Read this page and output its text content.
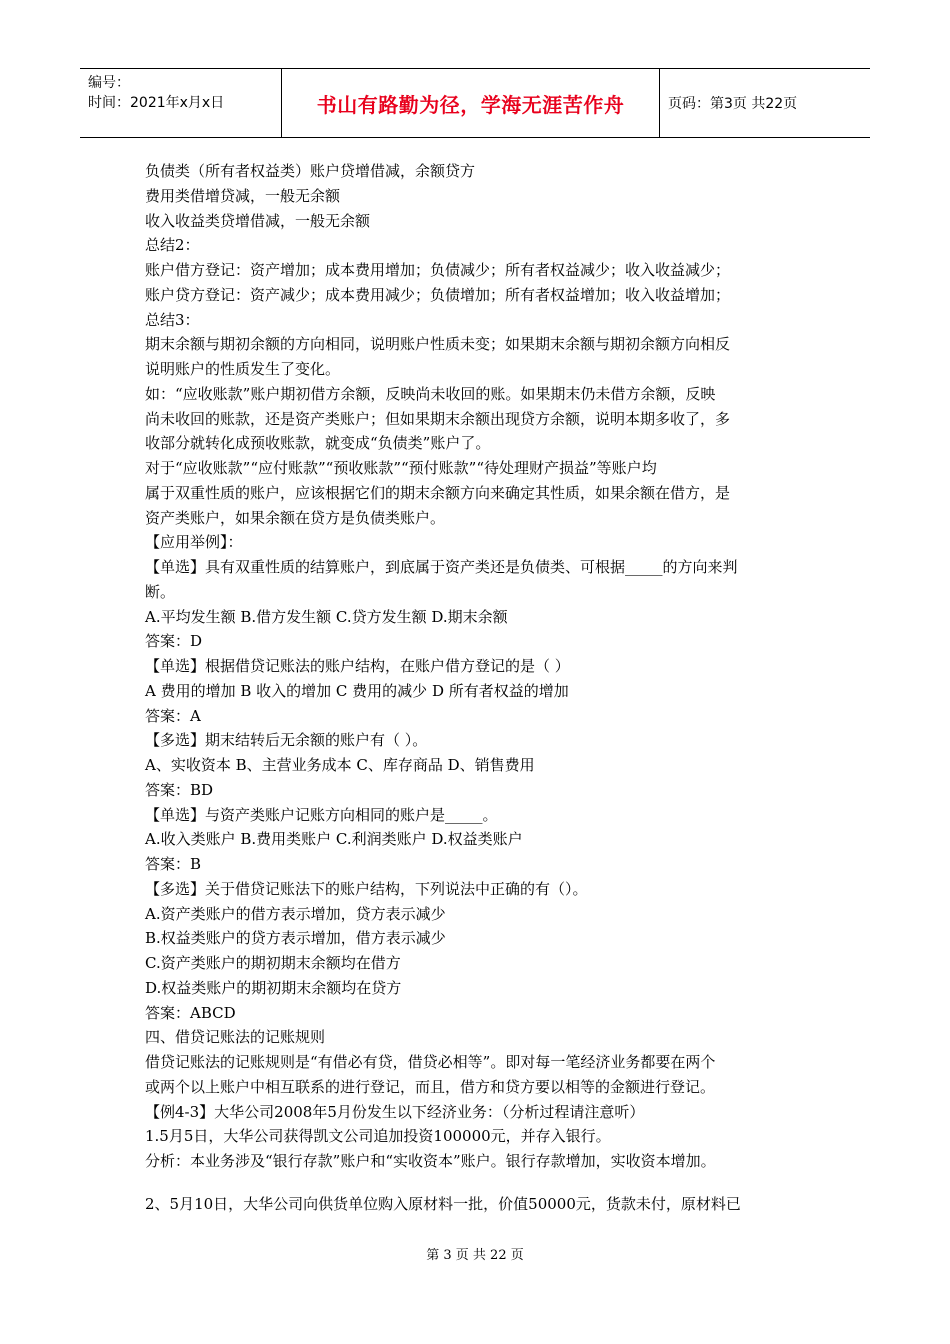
编号：
时间：2021年x月x日	书山有路勤为径，学海无涯苦作舟	页码：第3页 共22页

负债类（所有者权益类）账户贷增借减，余额贷方

费用类借增贷减，一般无余额

收入收益类贷增借减，一般无余额

总结2：

账户借方登记：资产增加；成本费用增加；负债减少；所有者权益减少；收入收益减少；

账户贷方登记：资产减少；成本费用减少；负债增加；所有者权益增加；收入收益增加；

总结3：

期末余额与期初余额的方向相同，说明账户性质未变；如果期末余额与期初余额方向相反

说明账户的性质发生了变化。

如：“应收账款”账户期初借方余额，反映尚未收回的账。如果期末仍未借方余额，反映

尚未收回的账款，还是资产类账户；但如果期末余额出现贷方余额，说明本期多收了，多

收部分就转化成预收账款，就变成“负债类”账户了。

对于“应收账款”“应付账款”“预收账款”“预付账款”“待处理财产损益”等账户均

属于双重性质的账户，应该根据它们的期末余额方向来确定其性质，如果余额在借方，是

资产类账户，如果余额在贷方是负债类账户。

【应用举例】：

【单选】具有双重性质的结算账户，到底属于资产类还是负债类、可根据_____的方向来判

断。

A.平均发生额 B.借方发生额 C.贷方发生额 D.期末余额

答案：D

【单选】根据借贷记账法的账户结构，在账户借方登记的是（ ）

A 费用的增加 B 收入的增加 C 费用的减少 D 所有者权益的增加

答案：A

【多选】期末结转后无余额的账户有（ ）。

A、实收资本 B、主营业务成本 C、库存商品 D、销售费用

答案：BD

【单选】与资产类账户记账方向相同的账户是_____。

A.收入类账户 B.费用类账户 C.利润类账户 D.权益类账户

答案：B

【多选】关于借贷记账法下的账户结构，下列说法中正确的有（）。

A.资产类账户的借方表示增加，贷方表示减少

B.权益类账户的贷方表示增加，借方表示减少

C.资产类账户的期初期末余额均在借方

D.权益类账户的期初期末余额均在贷方

答案：ABCD

四、借贷记账法的记账规则

借贷记账法的记账规则是“有借必有贷，借贷必相等”。即对每一笔经济业务都要在两个

或两个以上账户中相互联系的进行登记，而且，借方和贷方要以相等的金额进行登记。

【例4-3】大华公司2008年5月份发生以下经济业务：（分析过程请注意听）

1.5月5日，大华公司获得凯文公司追加投资100000元，并存入银行。

分析：本业务涉及“银行存款”账户和“实收资本”账户。银行存款增加，实收资本增加。

2、5月10日，大华公司向供货单位购入原材料一批，价值50000元，货款未付，原材料已

第 3 页 共 22 页
